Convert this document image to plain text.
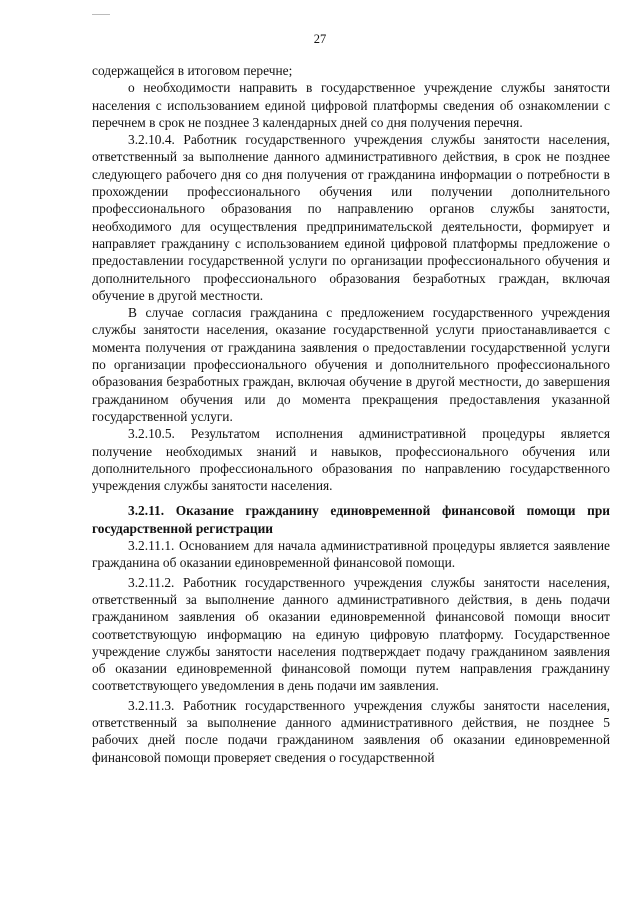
27

содержащейся в итоговом перечне;

о необходимости направить в государственное учреждение службы занятости населения с использованием единой цифровой платформы сведения об ознакомлении с перечнем в срок не позднее 3 календарных дней со дня получения перечня.

3.2.10.4. Работник государственного учреждения службы занятости населения, ответственный за выполнение данного административного действия, в срок не позднее следующего рабочего дня со дня получения от гражданина информации о потребности в прохождении профессионального обучения или получении дополнительного профессионального образования по направлению органов службы занятости, необходимого для осуществления предпринимательской деятельности, формирует и направляет гражданину с использованием единой цифровой платформы предложение о предоставлении государственной услуги по организации профессионального обучения и дополнительного профессионального образования безработных граждан, включая обучение в другой местности.

В случае согласия гражданина с предложением государственного учреждения службы занятости населения, оказание государственной услуги приостанавливается с момента получения от гражданина заявления о предоставлении государственной услуги по организации профессионального обучения и дополнительного профессионального образования безработных граждан, включая обучение в другой местности, до завершения гражданином обучения или до момента прекращения предоставления указанной государственной услуги.

3.2.10.5. Результатом исполнения административной процедуры является получение необходимых знаний и навыков, профессионального обучения или дополнительного профессионального образования по направлению государственного учреждения службы занятости населения.

3.2.11. Оказание гражданину единовременной финансовой помощи при государственной регистрации

3.2.11.1. Основанием для начала административной процедуры является заявление гражданина об оказании единовременной финансовой помощи.

3.2.11.2. Работник государственного учреждения службы занятости населения, ответственный за выполнение данного административного действия, в день подачи гражданином заявления об оказании единовременной финансовой помощи вносит соответствующую информацию на единую цифровую платформу. Государственное учреждение службы занятости населения подтверждает подачу гражданином заявления об оказании единовременной финансовой помощи путем направления гражданину соответствующего уведомления в день подачи им заявления.

3.2.11.3. Работник государственного учреждения службы занятости населения, ответственный за выполнение данного административного действия, не позднее 5 рабочих дней после подачи гражданином заявления об оказании единовременной финансовой помощи проверяет сведения о государственной
